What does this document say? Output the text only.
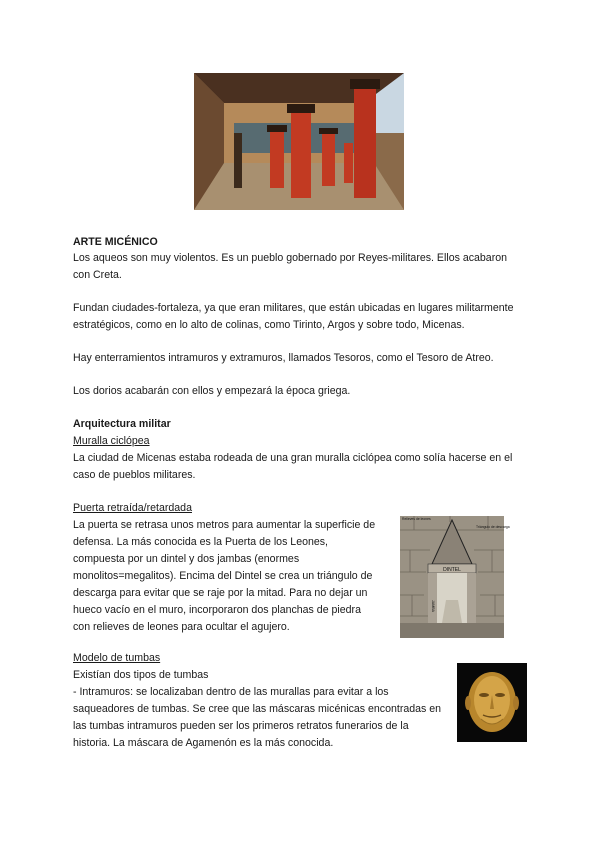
ARTE MICÉNICO

Los aqueos son muy violentos. Es un pueblo gobernado por Reyes-militares. Ellos acabaron con Creta.

Fundan ciudades-fortaleza, ya que eran militares, que están ubicadas en lugares militarmente estratégicos, como en lo alto de colinas, como Tirinto, Argos y sobre todo, Micenas.

Hay enterramientos intramuros y extramuros, llamados Tesoros, como el Tesoro de Atreo.

Los dorios acabarán con ellos y empezará la época griega.

Arquitectura militar

Muralla ciclópea

La ciudad de Micenas estaba rodeada de una gran muralla ciclópea como solía hacerse en el caso de pueblos militares.

Puerta retraída/retardada

La puerta se retrasa unos metros para aumentar la superficie de defensa. La más conocida es la Puerta de los Leones, compuesta por un dintel y dos jambas (enormes monolitos=megalitos). Encima del Dintel se crea un triángulo de descarga para evitar que se raje por la mitad. Para no dejar un hueco vacío en el muro, incorporaron dos planchas de piedra con relieves de leones para ocultar el agujero.

DINTEL
Relieves de leones
Triángulo de descarga
JAMBA

Modelo de tumbas

Existían dos tipos de tumbas

- Intramuros: se localizaban dentro de las murallas para evitar a los saqueadores de tumbas. Se cree que las máscaras micénicas encontradas en las tumbas intramuros pueden ser los primeros retratos funerarios de la historia. La máscara de Agamenón es la más conocida.
